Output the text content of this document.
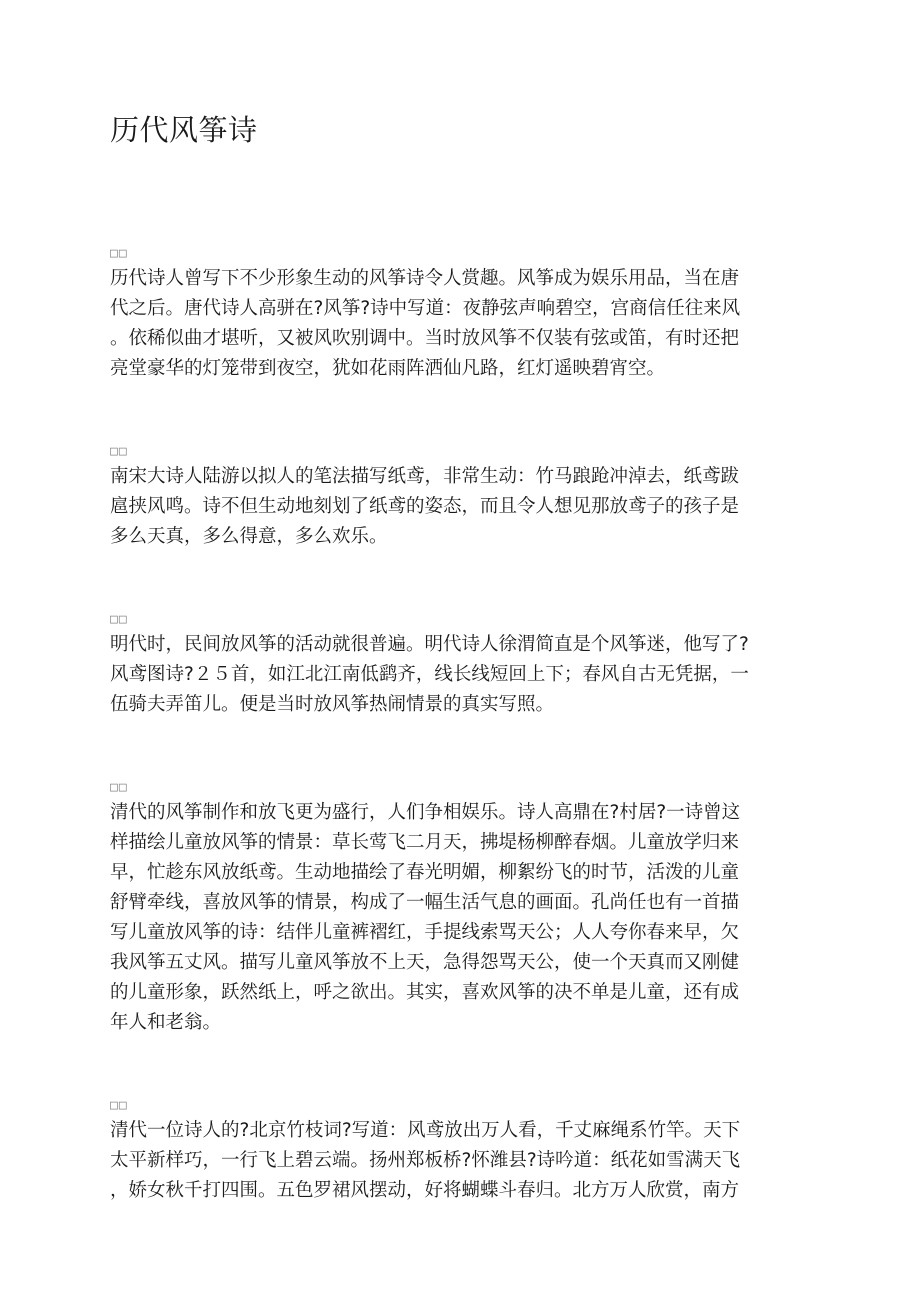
历代风筝诗
□□
历代诗人曾写下不少形象生动的风筝诗令人赏趣。风筝成为娱乐用品，当在唐
代之后。唐代诗人高骈在?风筝?诗中写道：夜静弦声响碧空，宫商信任往来风
。依稀似曲才堪听，又被风吹别调中。当时放风筝不仅装有弦或笛，有时还把
亮堂豪华的灯笼带到夜空，犹如花雨阵洒仙凡路，红灯遥映碧宵空。
□□
南宋大诗人陆游以拟人的笔法描写纸鸢，非常生动：竹马踉跄冲淖去，纸鸢跋
扈挟风鸣。诗不但生动地刻划了纸鸢的姿态，而且令人想见那放鸢子的孩子是
多么天真，多么得意，多么欢乐。
□□
明代时，民间放风筝的活动就很普遍。明代诗人徐渭简直是个风筝迷，他写了?
风鸢图诗?２５首，如江北江南低鹞齐，线长线短回上下；春风自古无凭据，一
伍骑夫弄笛儿。便是当时放风筝热闹情景的真实写照。
□□
清代的风筝制作和放飞更为盛行，人们争相娱乐。诗人高鼎在?村居?一诗曾这
样描绘儿童放风筝的情景：草长莺飞二月天，拂堤杨柳醉春烟。儿童放学归来
早，忙趁东风放纸鸢。生动地描绘了春光明媚，柳絮纷飞的时节，活泼的儿童
舒臂牵线，喜放风筝的情景，构成了一幅生活气息的画面。孔尚任也有一首描
写儿童放风筝的诗：结伴儿童裤褶红，手提线索骂天公；人人夸你春来早，欠
我风筝五丈风。描写儿童风筝放不上天，急得怨骂天公，使一个天真而又刚健
的儿童形象，跃然纸上，呼之欲出。其实，喜欢风筝的决不单是儿童，还有成
年人和老翁。
□□
清代一位诗人的?北京竹枝词?写道：风鸢放出万人看，千丈麻绳系竹竿。天下
太平新样巧，一行飞上碧云端。扬州郑板桥?怀潍县?诗吟道：纸花如雪满天飞
，娇女秋千打四围。五色罗裙风摆动，好将蝴蝶斗春归。北方万人欣赏，南方
